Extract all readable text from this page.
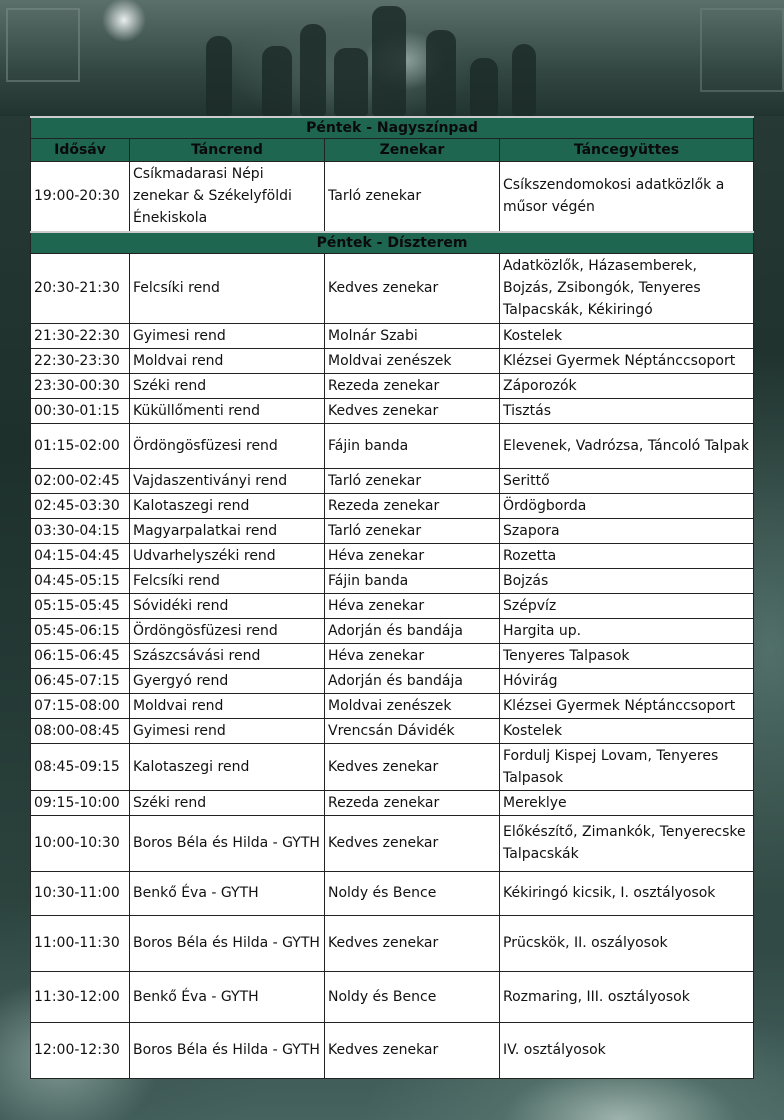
Péntek - Nagyszínpad			
Idősáv	Táncrend	Zenekar	Táncegyüttes
19:00-20:30	Csíkmadarasi Népi zenekar & Székelyföldi Énekiskola	Tarló zenekar	Csíkszendomokosi adatközlők a műsor végén
Péntek - Díszterem			
20:30-21:30	Felcsíki rend	Kedves zenekar	Adatközlők, Házasemberek, Bojzás, Zsibongók, Tenyeres Talpacskák, Kékiringó
21:30-22:30	Gyimesi rend	Molnár Szabi	Kostelek
22:30-23:30	Moldvai rend	Moldvai zenészek	Klézsei Gyermek Néptánccsoport
23:30-00:30	Széki rend	Rezeda zenekar	Záporozók
00:30-01:15	Küküllőmenti rend	Kedves zenekar	Tisztás
01:15-02:00	Ördöngösfüzesi rend	Fájin banda	Elevenek, Vadrózsa, Táncoló Talpak
02:00-02:45	Vajdaszentiványi rend	Tarló zenekar	Serittő
02:45-03:30	Kalotaszegi rend	Rezeda zenekar	Ördögborda
03:30-04:15	Magyarpalatkai rend	Tarló zenekar	Szapora
04:15-04:45	Udvarhelyszéki rend	Héva zenekar	Rozetta
04:45-05:15	Felcsíki rend	Fájin banda	Bojzás
05:15-05:45	Sóvidéki rend	Héva zenekar	Szépvíz
05:45-06:15	Ördöngösfüzesi rend	Adorján és bandája	Hargita up.
06:15-06:45	Szászcsávási rend	Héva zenekar	Tenyeres Talpasok
06:45-07:15	Gyergyó rend	Adorján és bandája	Hóvirág
07:15-08:00	Moldvai rend	Moldvai zenészek	Klézsei Gyermek Néptánccsoport
08:00-08:45	Gyimesi rend	Vrencsán Dávidék	Kostelek
08:45-09:15	Kalotaszegi rend	Kedves zenekar	Fordulj Kispej Lovam, Tenyeres Talpasok
09:15-10:00	Széki rend	Rezeda zenekar	Mereklye
10:00-10:30	Boros Béla és Hilda - GYTH	Kedves zenekar	Előkészítő, Zimankók, Tenyerecske Talpacskák
10:30-11:00	Benkő Éva - GYTH	Noldy és Bence	Kékiringó kicsik, I. osztályosok
11:00-11:30	Boros Béla és Hilda - GYTH	Kedves zenekar	Prücskök, II. oszályosok
11:30-12:00	Benkő Éva - GYTH	Noldy és Bence	Rozmaring, III. osztályosok
12:00-12:30	Boros Béla és Hilda - GYTH	Kedves zenekar	IV. osztályosok
